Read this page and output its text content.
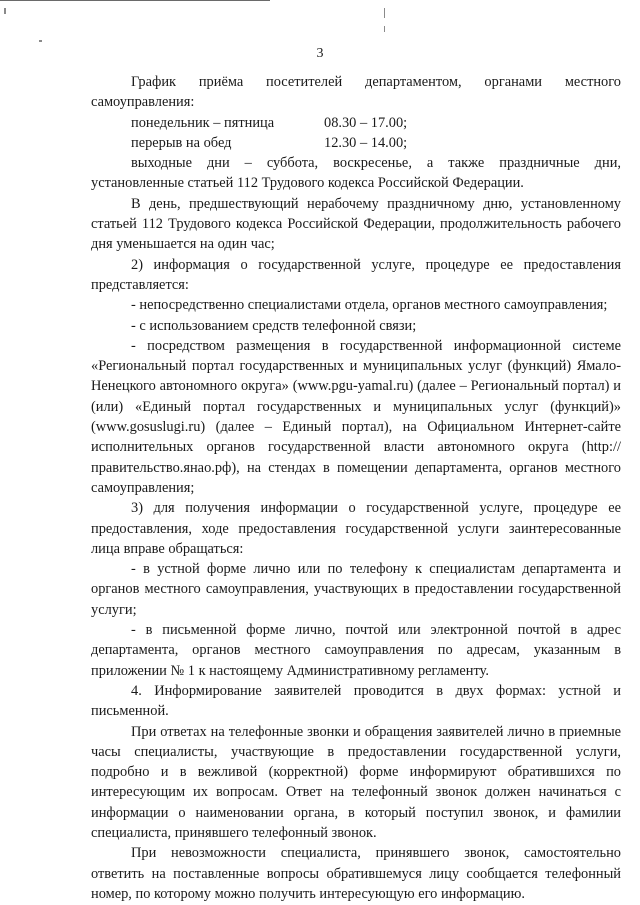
3

График приёма посетителей департаментом, органами местного самоуправления:

понедельник – пятница	08.30 – 17.00;
перерыв на обед	12.30 – 14.00;

выходные дни – суббота, воскресенье, а также праздничные дни, установленные статьей 112 Трудового кодекса Российской Федерации.

В день, предшествующий нерабочему праздничному дню, установленному статьей 112 Трудового кодекса Российской Федерации, продолжительность рабочего дня уменьшается на один час;

2) информация о государственной услуге, процедуре ее предоставления представляется:

- непосредственно специалистами отдела, органов местного самоуправления;

- с использованием средств телефонной связи;

- посредством размещения в государственной информационной системе «Региональный портал государственных и муниципальных услуг (функций) Ямало-Ненецкого автономного округа» (www.pgu-yamal.ru) (далее – Региональный портал) и (или) «Единый портал государственных и муниципальных услуг (функций)» (www.gosuslugi.ru) (далее – Единый портал), на Официальном Интернет-сайте исполнительных органов государственной власти автономного округа (http://правительство.янао.рф), на стендах в помещении департамента, органов местного самоуправления;

3) для получения информации о государственной услуге, процедуре ее предоставления, ходе предоставления государственной услуги заинтересованные лица вправе обращаться:

- в устной форме лично или по телефону к специалистам департамента и органов местного самоуправления, участвующих в предоставлении государственной услуги;

- в письменной форме лично, почтой или электронной почтой в адрес департамента, органов местного самоуправления по адресам, указанным в приложении № 1 к настоящему Административному регламенту.

4. Информирование заявителей проводится в двух формах: устной и письменной.

При ответах на телефонные звонки и обращения заявителей лично в приемные часы специалисты, участвующие в предоставлении государственной услуги, подробно и в вежливой (корректной) форме информируют обратившихся по интересующим их вопросам. Ответ на телефонный звонок должен начинаться с информации о наименовании органа, в который поступил звонок, и фамилии специалиста, принявшего телефонный звонок.

При невозможности специалиста, принявшего звонок, самостоятельно ответить на поставленные вопросы обратившемуся лицу сообщается телефонный номер, по которому можно получить интересующую его информацию.
